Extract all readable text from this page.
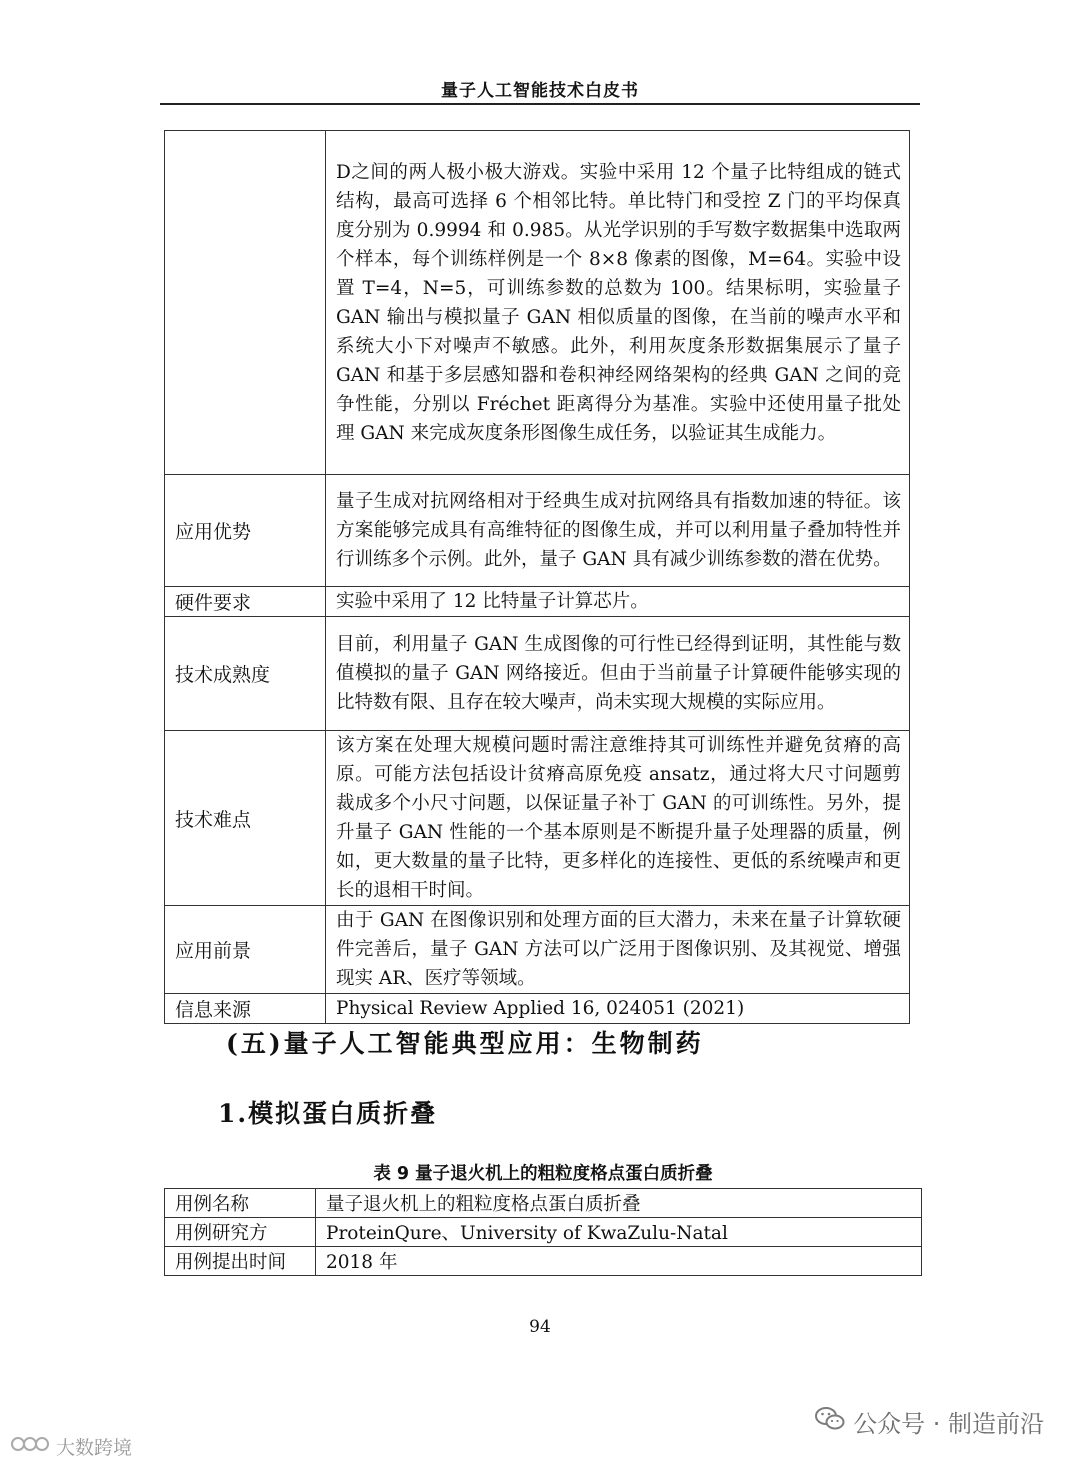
量子人工智能技术白皮书
	D之间的两人极小极大游戏。实验中采用 12 个量子比特组成的链式结构，最高可选择 6 个相邻比特。单比特门和受控 Z 门的平均保真度分别为 0.9994 和 0.985。从光学识别的手写数字数据集中选取两个样本，每个训练样例是一个 8×8 像素的图像，M=64。实验中设置 T=4，N=5，可训练参数的总数为 100。结果标明，实验量子 GAN 输出与模拟量子 GAN 相似质量的图像，在当前的噪声水平和系统大小下对噪声不敏感。此外，利用灰度条形数据集展示了量子 GAN 和基于多层感知器和卷积神经网络架构的经典 GAN 之间的竞争性能，分别以 Fréchet 距离得分为基准。实验中还使用量子批处理 GAN 来完成灰度条形图像生成任务，以验证其生成能力。
应用优势	量子生成对抗网络相对于经典生成对抗网络具有指数加速的特征。该方案能够完成具有高维特征的图像生成，并可以利用量子叠加特性并行训练多个示例。此外，量子 GAN 具有减少训练参数的潜在优势。
硬件要求	实验中采用了 12 比特量子计算芯片。
技术成熟度	目前，利用量子 GAN 生成图像的可行性已经得到证明，其性能与数值模拟的量子 GAN 网络接近。但由于当前量子计算硬件能够实现的比特数有限、且存在较大噪声，尚未实现大规模的实际应用。
技术难点	该方案在处理大规模问题时需注意维持其可训练性并避免贫瘠的高原。可能方法包括设计贫瘠高原免疫 ansatz，通过将大尺寸问题剪裁成多个小尺寸问题，以保证量子补丁 GAN 的可训练性。另外，提升量子 GAN 性能的一个基本原则是不断提升量子处理器的质量，例如，更大数量的量子比特，更多样化的连接性、更低的系统噪声和更长的退相干时间。
应用前景	由于 GAN 在图像识别和处理方面的巨大潜力，未来在量子计算软硬件完善后，量子 GAN 方法可以广泛用于图像识别、及其视觉、增强现实 AR、医疗等领域。
信息来源	Physical Review Applied 16, 024051 (2021)
(五)量子人工智能典型应用：生物制药
1.模拟蛋白质折叠
表 9 量子退火机上的粗粒度格点蛋白质折叠
用例名称	量子退火机上的粗粒度格点蛋白质折叠
用例研究方	ProteinQure、University of KwaZulu-Natal
用例提出时间	2018 年
94
公众号 · 制造前沿
大数跨境
